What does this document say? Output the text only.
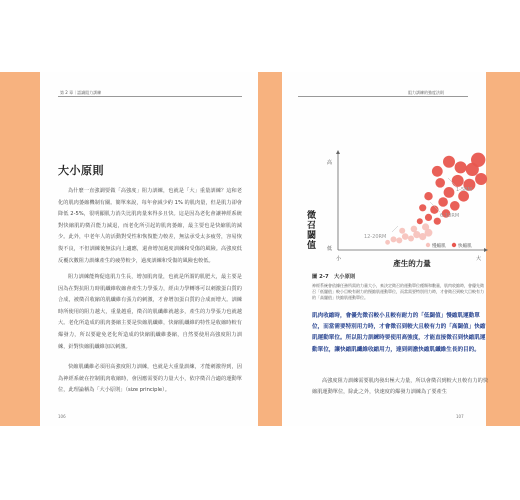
第 2 章｜認識阻力訓練	阻力訓練的強度法則
大小原則
為什麼一直強調要做「高強度」阻力訓練，也就是「大」重量訓練？這和老化的肌肉萎縮機制有關。簡單來說，每年會減少約 1% 的肌肉量，但是肌力卻會降低 2-5%，很明顯肌力消失比肌肉量來得多且快。這是因為老化會讓神經系統對快縮肌的徵召能力減退，而老化所引起的肌肉萎縮，最主要也是快縮肌的減少。此外，中老年人的活動對受性和恢復能力較差，無法承受太多疲勞，容易恢復不良，不但訓練後無法向上適應，還會增加過度訓練和受傷的風險。高強度低反覆次數阻力訓練產生的疲勞較少，過度訓練和受傷的風險也較低。
阻力訓練能夠促進肌力生長，增加肌肉量，也就是所謂的肌肥大，最主要是因為在對抗阻力時肌纖維收縮會產生力學張力，經由力學轉導可以刺激蛋白質的合成，被徵召收縮的肌纖維有張力的刺激，才會增加蛋白質的合成而增大。訓練時所使用的阻力越大，重量越重，徵召的肌纖維就越多，產生的力學張力也就越大。老化所造成的肌肉萎縮主要是快縮肌纖維，快縮肌纖維的特性是收縮時較有爆發力，所以要避免老化所造成的快縮肌纖維萎縮，自然要使用高強度阻力訓練，針對快縮肌纖維加以刺激。
快縮肌纖維必須用高強度阻力訓練，也就是大重量訓練，才能刺激得到，因為神經系統在控制肌肉收縮時，會因應需要的力量大小，依序徵召合適的運動單位，此理論稱為「大小原則」（size principle）。
106
徵召閾值
高
低
小	大
產生的力量
1-5RM
6-10RM
12-20RM
慢縮肌	快縮肌
圖 2-7　大小原則
神經系統會依據任務所需的力量大小，來決定徵召的運動單位種類和數量，肌肉收縮時，會優先徵召「低閾值」較小目較有耐力的慢縮肌運動單位，而當需要特別用力時，才會徵召到較大目較有力的「高閾值」快縮肌運動單位。
肌肉收縮時，會優先徵召較小且較有耐力的「低閾值」慢縮肌運動單位，而當需要特別用力時，才會徵召到較大且較有力的「高閾值」快縮肌運動單位。所以阻力訓練時要使用高強度，才能直接徵召到快縮肌運動單位，讓快縮肌纖維收縮用力，達到刺激快縮肌纖維生長的目的。
高強度阻力訓練需要肌肉發出極大力量，所以會徵召到較大且較有力的快縮肌運動單位，除此之外，快速度的爆發力訓練為了要產生
107
